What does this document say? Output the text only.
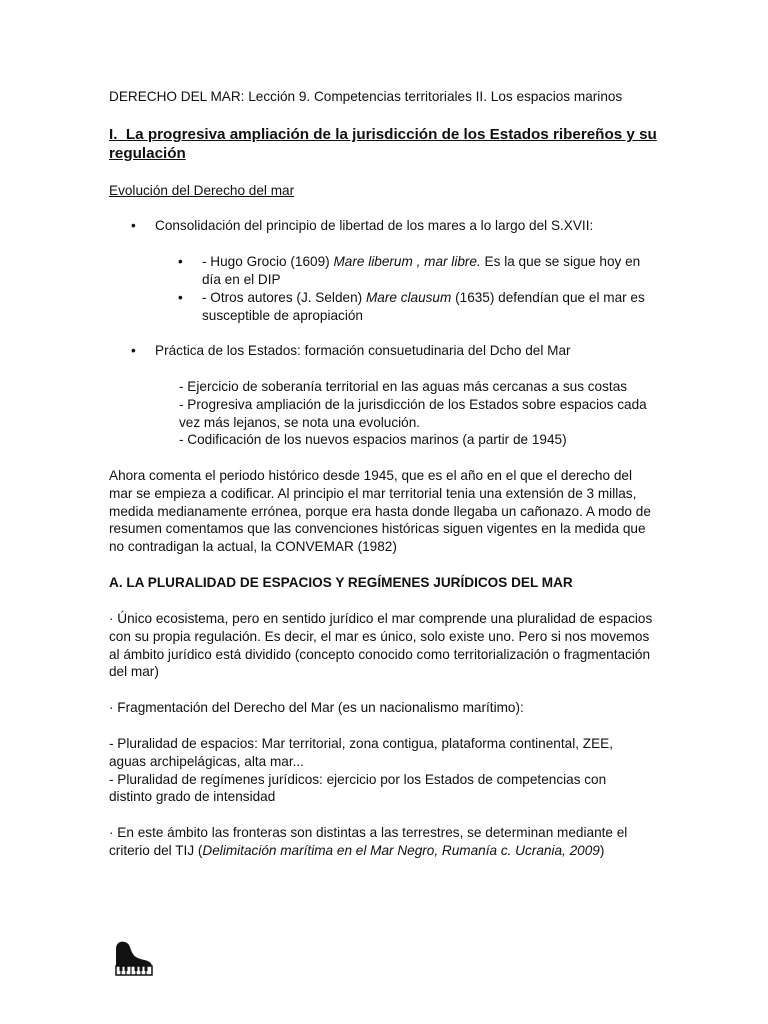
DERECHO DEL MAR: Lección 9. Competencias territoriales II. Los espacios marinos

I. La progresiva ampliación de la jurisdicción de los Estados ribereños y su regulación

Evolución del Derecho del mar

• Consolidación del principio de libertad de los mares a lo largo del S.XVII:

• - Hugo Grocio (1609) Mare liberum , mar libre. Es la que se sigue hoy en día en el DIP

• - Otros autores (J. Selden) Mare clausum (1635) defendían que el mar es susceptible de apropiación

• Práctica de los Estados: formación consuetudinaria del Dcho del Mar

- Ejercicio de soberanía territorial en las aguas más cercanas a sus costas

- Progresiva ampliación de la jurisdicción de los Estados sobre espacios cada vez más lejanos, se nota una evolución.

- Codificación de los nuevos espacios marinos (a partir de 1945)

Ahora comenta el periodo histórico desde 1945, que es el año en el que el derecho del mar se empieza a codificar. Al principio el mar territorial tenia una extensión de 3 millas, medida medianamente errónea, porque era hasta donde llegaba un cañonazo. A modo de resumen comentamos que las convenciones históricas siguen vigentes en la medida que no contradigan la actual, la CONVEMAR (1982)

A. LA PLURALIDAD DE ESPACIOS Y REGÍMENES JURÍDICOS DEL MAR

· Único ecosistema, pero en sentido jurídico el mar comprende una pluralidad de espacios con su propia regulación. Es decir, el mar es único, solo existe uno. Pero si nos movemos al ámbito jurídico está dividido (concepto conocido como territorialización o fragmentación del mar)

· Fragmentación del Derecho del Mar (es un nacionalismo marítimo):

- Pluralidad de espacios: Mar territorial, zona contigua, plataforma continental, ZEE, aguas archipelágicas, alta mar...

- Pluralidad de regímenes jurídicos: ejercicio por los Estados de competencias con distinto grado de intensidad

· En este ámbito las fronteras son distintas a las terrestres, se determinan mediante el criterio del TIJ (Delimitación marítima en el Mar Negro, Rumanía c. Ucrania, 2009)
